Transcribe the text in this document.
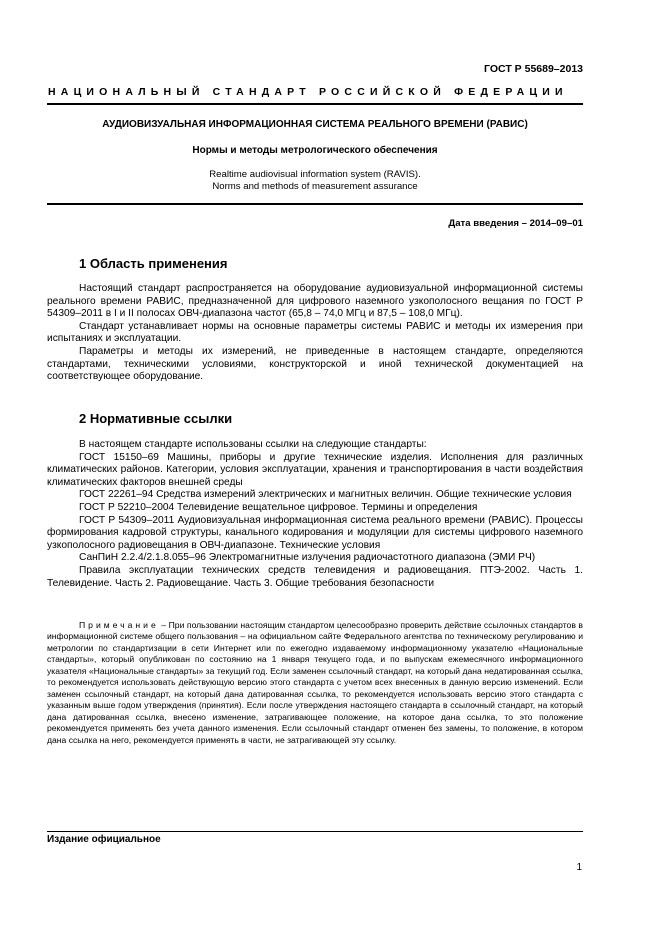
ГОСТ Р 55689–2013
НАЦИОНАЛЬНЫЙ СТАНДАРТ РОССИЙСКОЙ ФЕДЕРАЦИИ
АУДИОВИЗУАЛЬНАЯ ИНФОРМАЦИОННАЯ СИСТЕМА РЕАЛЬНОГО ВРЕМЕНИ (РАВИС)
Нормы и методы метрологического обеспечения
Realtime audiovisual information system (RAVIS).
Norms and methods of measurement assurance
Дата введения – 2014–09–01
1 Область применения

Настоящий стандарт распространяется на оборудование аудиовизуальной информационной системы реального времени РАВИС, предназначенной для цифрового наземного узкополосного вещания по ГОСТ Р 54309–2011 в I и II полосах ОВЧ-диапазона частот (65,8 – 74,0 МГц и 87,5 – 108,0 МГц).

Стандарт устанавливает нормы на основные параметры системы РАВИС и методы их измерения при испытаниях и эксплуатации.

Параметры и методы их измерений, не приведенные в настоящем стандарте, определяются стандартами, техническими условиями, конструкторской и иной технической документацией на соответствующее оборудование.

2 Нормативные ссылки

В настоящем стандарте использованы ссылки на следующие стандарты:

ГОСТ 15150–69 Машины, приборы и другие технические изделия. Исполнения для различных климатических районов. Категории, условия эксплуатации, хранения и транспортирования в части воздействия климатических факторов внешней среды

ГОСТ 22261–94 Средства измерений электрических и магнитных величин. Общие технические условия

ГОСТ Р 52210–2004 Телевидение вещательное цифровое. Термины и определения

ГОСТ Р 54309–2011 Аудиовизуальная информационная система реального времени (РАВИС). Процессы формирования кадровой структуры, канального кодирования и модуляции для системы цифрового наземного узкополосного радиовещания в ОВЧ-диапазоне. Технические условия

СанПиН 2.2.4/2.1.8.055–96 Электромагнитные излучения радиочастотного диапазона (ЭМИ РЧ)

Правила эксплуатации технических средств телевидения и радиовещания. ПТЭ-2002. Часть 1. Телевидение. Часть 2. Радиовещание. Часть 3. Общие требования безопасности

Примечание – При пользовании настоящим стандартом целесообразно проверить действие ссылочных стандартов в информационной системе общего пользования – на официальном сайте Федерального агентства по техническому регулированию и метрологии по стандартизации в сети Интернет или по ежегодно издаваемому информационному указателю «Национальные стандарты», который опубликован по состоянию на 1 января текущего года, и по выпускам ежемесячного информационного указателя «Национальные стандарты» за текущий год. Если заменен ссылочный стандарт, на который дана недатированная ссылка, то рекомендуется использовать действующую версию этого стандарта с учетом всех внесенных в данную версию изменений. Если заменен ссылочный стандарт, на который дана датированная ссылка, то рекомендуется использовать версию этого стандарта с указанным выше годом утверждения (принятия). Если после утверждения настоящего стандарта в ссылочный стандарт, на который дана датированная ссылка, внесено изменение, затрагивающее положение, на которое дана ссылка, то это положение рекомендуется применять без учета данного изменения. Если ссылочный стандарт отменен без замены, то положение, в котором дана ссылка на него, рекомендуется применять в части, не затрагивающей эту ссылку.

Издание официальное
1
